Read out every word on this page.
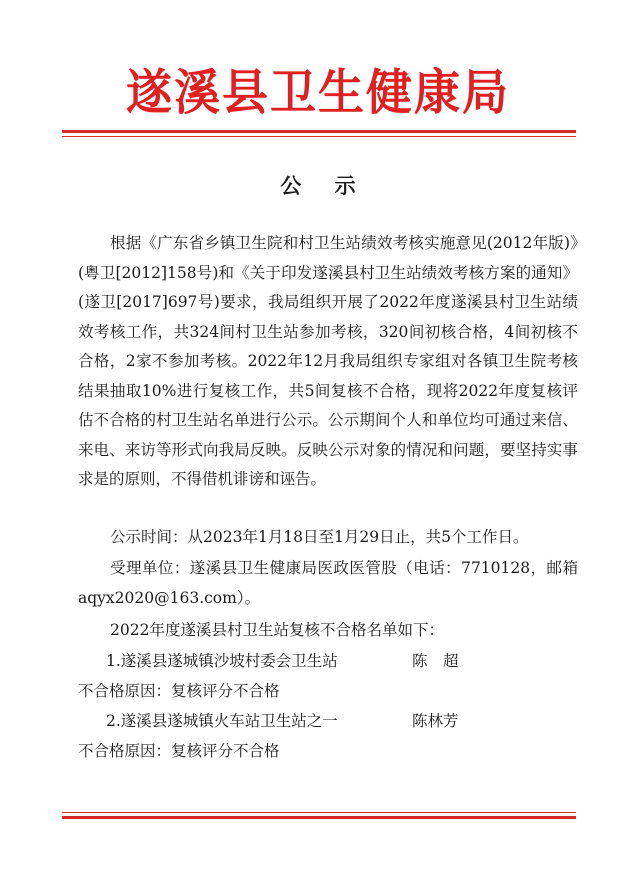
遂溪县卫生健康局
公 示

根据《广东省乡镇卫生院和村卫生站绩效考核实施意见(2012年版)》(粤卫[2012]158号)和《关于印发遂溪县村卫生站绩效考核方案的通知》(遂卫[2017]697号)要求，我局组织开展了2022年度遂溪县村卫生站绩效考核工作，共324间村卫生站参加考核，320间初核合格，4间初核不合格，2家不参加考核。2022年12月我局组织专家组对各镇卫生院考核结果抽取10%进行复核工作，共5间复核不合格，现将2022年度复核评估不合格的村卫生站名单进行公示。公示期间个人和单位均可通过来信、来电、来访等形式向我局反映。反映公示对象的情况和问题，要坚持实事求是的原则，不得借机诽谤和诬告。

公示时间：从2023年1月18日至1月29日止，共5个工作日。

受理单位：遂溪县卫生健康局医政医管股（电话：7710128，邮箱 aqyx2020@163.com）。

2022年度遂溪县村卫生站复核不合格名单如下：

1.遂溪县遂城镇沙坡村委会卫生站	陈　超
不合格原因：复核评分不合格
2.遂溪县遂城镇火车站卫生站之一	陈林芳
不合格原因：复核评分不合格
